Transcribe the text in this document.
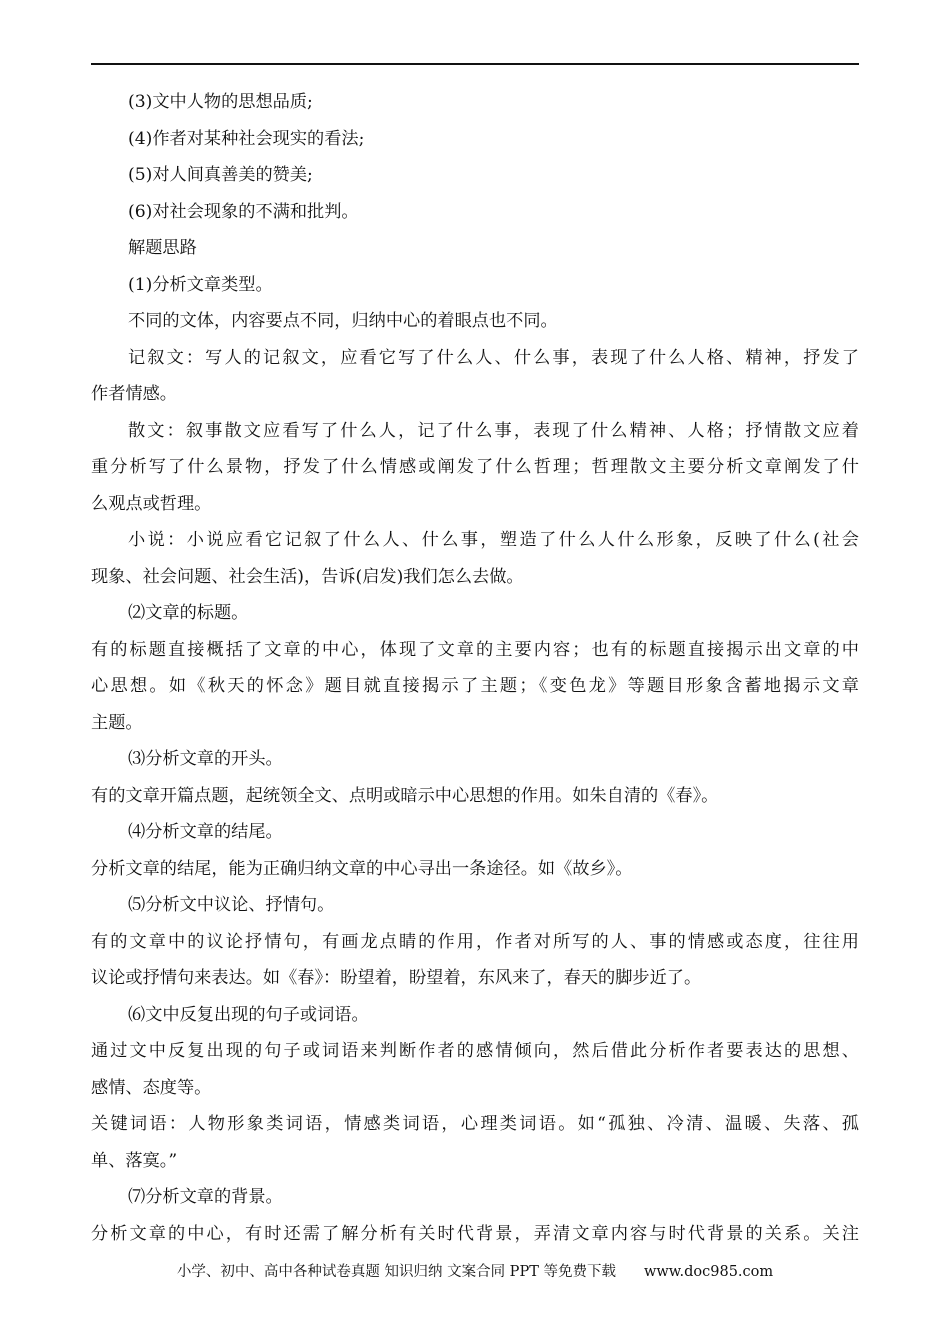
(3)文中人物的思想品质;
(4)作者对某种社会现实的看法;
(5)对人间真善美的赞美;
(6)对社会现象的不满和批判。
解题思路
(1)分析文章类型。
不同的文体，内容要点不同，归纳中心的着眼点也不同。
记叙文：写人的记叙文，应看它写了什么人、什么事，表现了什么人格、精神，抒发了
作者情感。
散文：叙事散文应看写了什么人，记了什么事，表现了什么精神、人格；抒情散文应着
重分析写了什么景物，抒发了什么情感或阐发了什么哲理；哲理散文主要分析文章阐发了什
么观点或哲理。
小说：小说应看它记叙了什么人、什么事，塑造了什么人什么形象，反映了什么(社会
现象、社会问题、社会生活)，告诉(启发)我们怎么去做。
⑵文章的标题。
有的标题直接概括了文章的中心，体现了文章的主要内容；也有的标题直接揭示出文章的中
心思想。如《秋天的怀念》题目就直接揭示了主题；《变色龙》等题目形象含蓄地揭示文章
主题。
⑶分析文章的开头。
有的文章开篇点题，起统领全文、点明或暗示中心思想的作用。如朱自清的《春》。
⑷分析文章的结尾。
分析文章的结尾，能为正确归纳文章的中心寻出一条途径。如《故乡》。
⑸分析文中议论、抒情句。
有的文章中的议论抒情句，有画龙点睛的作用，作者对所写的人、事的情感或态度，往往用
议论或抒情句来表达。如《春》：盼望着，盼望着，东风来了，春天的脚步近了。
⑹文中反复出现的句子或词语。
通过文中反复出现的句子或词语来判断作者的感情倾向，然后借此分析作者要表达的思想、
感情、态度等。
关键词语：人物形象类词语，情感类词语，心理类词语。如“孤独、冷清、温暖、失落、孤
单、落寞。”
⑺分析文章的背景。
分析文章的中心，有时还需了解分析有关时代背景，弄清文章内容与时代背景的关系。关注
小学、初中、高中各种试卷真题 知识归纳 文案合同 PPT 等免费下载 www.doc985.com
